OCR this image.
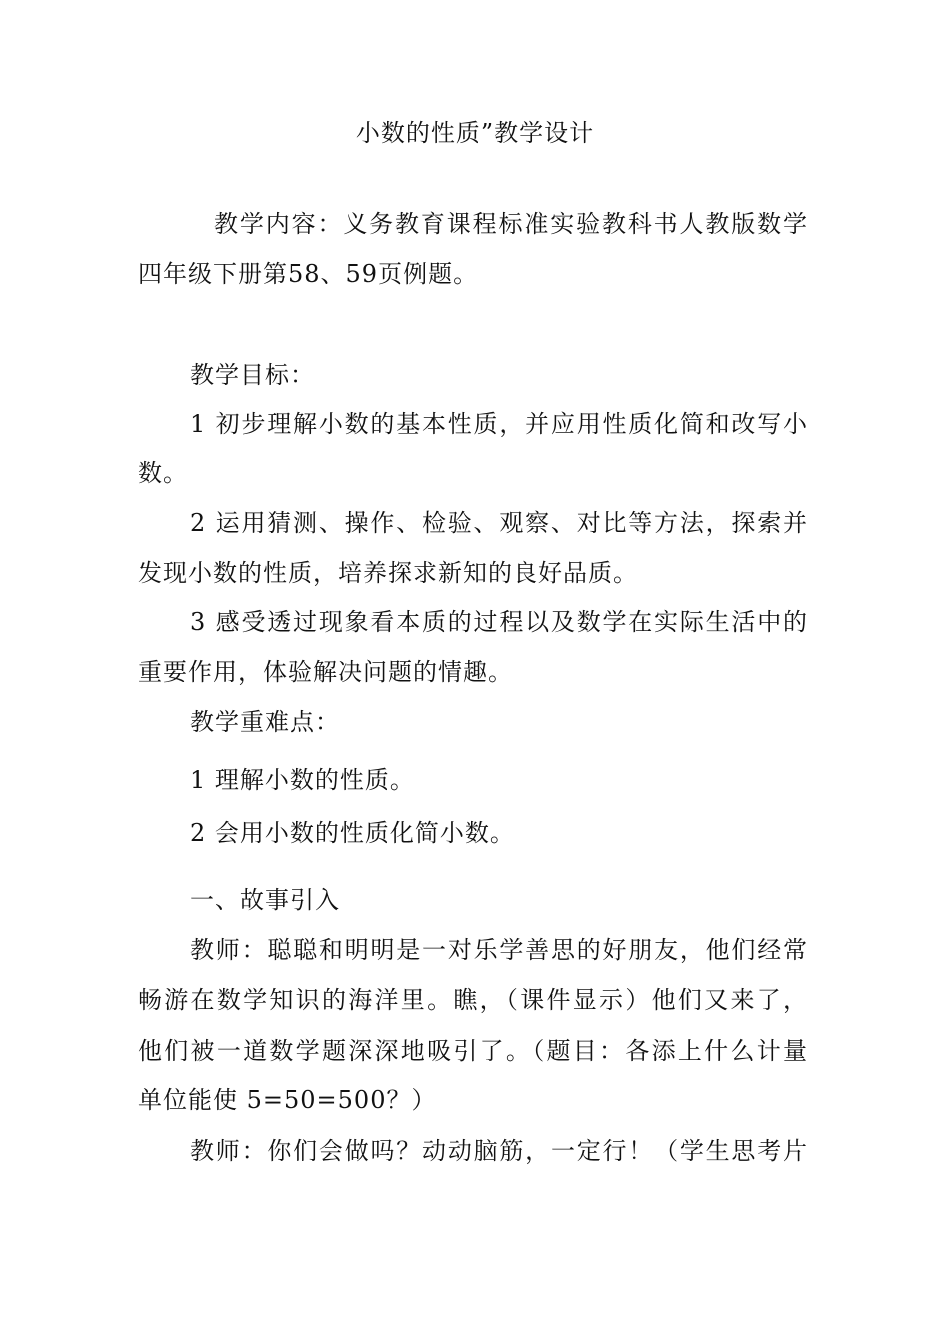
小数的性质”教学设计
教学内容：义务教育课程标准实验教科书人教版数学
四年级下册第58、59页例题。
教学目标：
1 初步理解小数的基本性质，并应用性质化简和改写小
数。
2 运用猜测、操作、检验、观察、对比等方法，探索并
发现小数的性质，培养探求新知的良好品质。
3 感受透过现象看本质的过程以及数学在实际生活中的
重要作用，体验解决问题的情趣。
教学重难点：
1 理解小数的性质。
2 会用小数的性质化简小数。
一、故事引入
教师：聪聪和明明是一对乐学善思的好朋友，他们经常
畅游在数学知识的海洋里。瞧，（课件显示）他们又来了，
他们被一道数学题深深地吸引了。（题目：各添上什么计量
单位能使 5=50=500？）
教师：你们会做吗？动动脑筋，一定行！（学生思考片
